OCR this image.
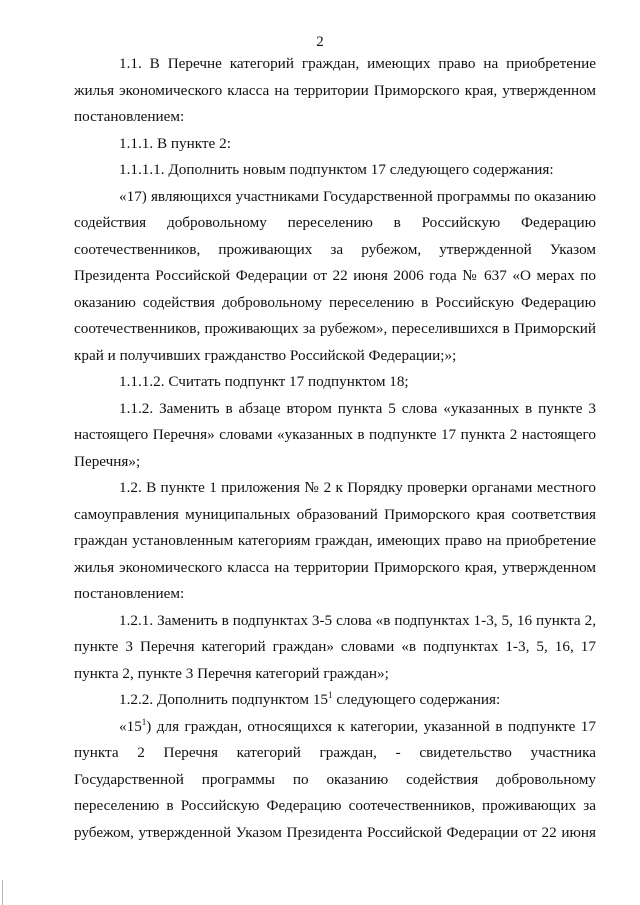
2
1.1. В Перечне категорий граждан, имеющих право на приобретение
жилья экономического класса на территории Приморского края, утвержденном
постановлением:
1.1.1. В пункте 2:
1.1.1.1. Дополнить новым подпунктом 17 следующего содержания:
«17) являющихся участниками Государственной программы по оказанию
содействия добровольному переселению в Российскую Федерацию
соотечественников, проживающих за рубежом, утвержденной Указом
Президента Российской Федерации от 22 июня 2006 года № 637 «О мерах по
оказанию содействия добровольному переселению в Российскую Федерацию
соотечественников, проживающих за рубежом», переселившихся в Приморский
край и получивших гражданство Российской Федерации;»;
1.1.1.2. Считать подпункт 17 подпунктом 18;
1.1.2. Заменить в абзаце втором пункта 5 слова «указанных в пункте 3
настоящего Перечня» словами «указанных в подпункте 17 пункта 2 настоящего
Перечня»;
1.2. В пункте 1 приложения № 2 к Порядку проверки органами местного
самоуправления муниципальных образований Приморского края соответствия
граждан установленным категориям граждан, имеющих право на приобретение
жилья экономического класса на территории Приморского края, утвержденном
постановлением:
1.2.1. Заменить в подпунктах 3-5 слова «в подпунктах 1-3, 5, 16 пункта 2,
пункте 3 Перечня категорий граждан» словами «в подпунктах 1-3, 5, 16, 17
пункта 2, пункте 3 Перечня категорий граждан»;
1.2.2. Дополнить подпунктом $15^1$ следующего содержания:
«$15^1$) для граждан, относящихся к категории, указанной в подпункте 17
пункта 2 Перечня категорий граждан, - свидетельство участника
Государственной программы по оказанию содействия добровольному
переселению в Российскую Федерацию соотечественников, проживающих за
рубежом, утвержденной Указом Президента Российской Федерации от 22 июня
